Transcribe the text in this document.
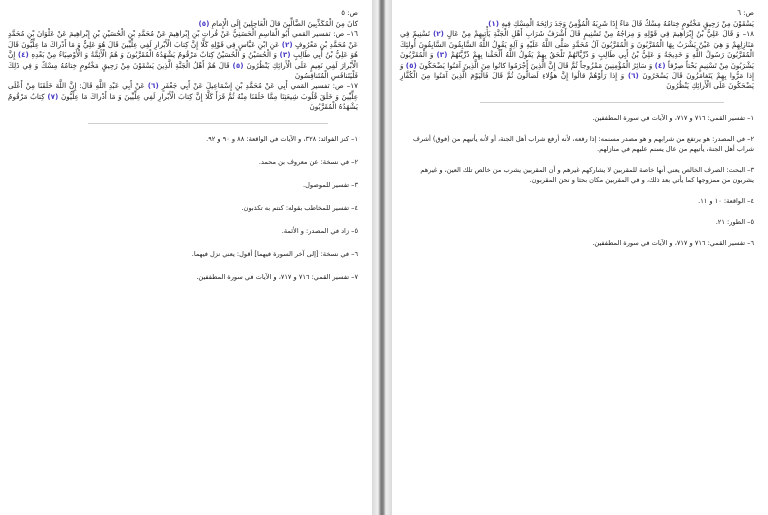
ص: ٥

كانَ مِنَ الْمُكَذِّبِينَ الضَّالِّينَ قالَ الْعَاجِلِينَ إِلَى الْإِمامِ (٥)

١٦– ص: تفسير القمي أَبُو الْقاسِمِ الْحَسَنِيُّ عَنْ فُراتِ بْنِ إِبْراهِيمَ عَنْ مُحَمَّدِ بْنِ الْحُسَيْنِ بْنِ إِبْراهِيمَ عَنْ عَلْوَانَ بْنِ مُحَمَّدٍ عَنْ مُحَمَّدِ بْنِ مَعْرُوفٍ (٢) عَنِ ابْنِ عَبَّاسٍ فِي قَوْلِهِ كَلَّا إِنَّ كِتابَ الْأَبْرارِ لَفِي عِلِّيِّينَ قَالَ هُوَ عَلِيٌّ وَ مَا أَدْراكَ مَا عِلِّيُّونَ قَالَ هُوَ عَلِيُّ بْنُ أَبِي طَالِبٍ (٣) وَ الْحُسَيْنُ وَ الْحُسَيْنُ كِتابٌ مَرْقُومٌ يَشْهَدُهُ الْمُقَرَّبُونَ وَ هُمُ الْأَئِمَّةُ وَ الْأَوْصِيَاءُ مِنْ بَعْدِهِ (٤) إِنَّ الْأَبْرارَ لَفِي نَعِيمٍ عَلَى الْأَرائِكِ يَنْظُرُونَ (٥) قَالَ هُمْ أَهْلُ الْجَنَّةِ الَّذِينَ يَسْقَوْنَ مِنْ رَحِيقٍ مَخْتُومٍ خِتامُهُ مِسْكٌ وَ فِي ذَلِكَ فَلْيَتَنافَسِ الْمُتَنافِسُونَ

١٧– ص: تفسير القمي أَبِي عَنْ مُحَمَّدِ بْنِ إِسْمَاعِيلَ عَنْ أَبِي جَعْفَرٍ (٦) عَنْ أَبِي عَبْدِ اللَّهِ قَالَ: إِنَّ اللَّهَ خَلَقَنَا مِنْ أَعْلَى عِلِّيِّينَ وَ خَلَقَ قُلُوبَ شِيعَتِنَا مِمَّا خَلَقَنَا مِنْهُ ثُمَّ قَرَأَ كَلَّا إِنَّ كِتابَ الْأَبْرارِ لَفِي عِلِّيِّينَ وَ مَا أَدْراكَ مَا عِلِّيُّونَ (٧) كِتابٌ مَرْقُومٌ يَشْهَدُهُ الْمُقَرَّبُونَ

١– كنز الفوائد: ٣٢٨، و الآيات في الواقعة: ٨٨ و ٩٠ و ٩٢.

٢– في نسخة: عن معروف بن محمد.

٣– تفسير للموصول.

٤– تفسير للمخاطب بقوله: كنتم به تكذبون.

٥– زاد في المصدر: و الأئمة.

٦– في نسخة: [إلى آخر السورة فيهما] أقول: يعني نزل فيهما.

٧– تفسير القمي: ٧١٦ و ٧١٧، و الآيات في سورة المطففين.

ص: ٦

يَسْقَوْنَ مِنْ رَحِيقٍ مَخْتُومٍ خِتامُهُ مِسْكٌ قَالَ مَاءٌ إِذَا شَرِبَهُ الْمُؤْمِنُ وَجَدَ رَائِحَةَ الْمِسْكِ فِيهِ (١)

١٨– وَ قَالَ عَلِيُّ بْنُ إِبْرَاهِيمَ فِي قَوْلِهِ وَ مِزاجُهُ مِنْ تَسْنِيمٍ قَالَ أَشْرَفُ شَرَابِ أَهْلِ الْجَنَّةِ يَأْتِيهِمْ مِنْ عَالٍ (٢) تَسْنِيمٌ فِي مَنَازِلِهِمْ وَ هِيَ عَيْنٌ يَشْرَبُ بِهَا الْمُقَرَّبُونَ وَ الْمُقَرَّبُونَ آلُ مُحَمَّدٍ صَلَّى اللَّهُ عَلَيْهِ وَ آلِهِ يَقُولُ اللَّهُ السَّابِقُونَ السَّابِقُونَ أُولئِكَ الْمُقَرَّبُونَ رَسُولُ اللَّهِ وَ خَدِيجَةُ وَ عَلِيُّ بْنُ أَبِي طَالِبٍ وَ ذُرِّيَّاتُهُمْ تَلْحَقُ بِهِمْ يَقُولُ اللَّهُ أَلْحَقْنا بِهِمْ ذُرِّيَّتَهُمْ (٣) وَ الْمُقَرَّبُونَ يَشْرَبُونَ مِنْ تَسْنِيمٍ بَحْتاً صِرْفاً (٤) وَ سَائِرُ الْمُؤْمِنِينَ مَمْزُوجاً ثُمَّ قَالَ إِنَّ الَّذِينَ أَجْرَمُوا كانُوا مِنَ الَّذِينَ آمَنُوا يَضْحَكُونَ (٥) وَ إِذا مَرُّوا بِهِمْ يَتَغامَزُونَ قَالَ يَسْخَرُونَ (٦) وَ إِذا رَأَوْهُمْ قالُوا إِنَّ هؤُلاءِ لَضالُّونَ ثُمَّ قَالَ فَالْيَوْمَ الَّذِينَ آمَنُوا مِنَ الْكُفَّارِ يَضْحَكُونَ عَلَى الْأَرائِكِ يَنْظُرُونَ

١– تفسير القمي: ٧١٦ و ٧١٧، و الآيات في سورة المطففين.

٢– في المصدر: هو يرتفع من شرابهم و هو مصدر مسنمه: إذا رفعه، لأنه أرفع شراب أهل الجنة، أو لأنه يأتيهم من (فوق) أشرف شراب أهل الجنة، يأتيهم من عال يسنم عليهم في منازلهم.

٣– البحت: الصرف الخالص يعني أنها خاصة للمقربين لا يشاركهم غيرهم و أن المقربين يشرب من خالص تلك العين، و غيرهم يشربون من ممزوجها كما يأتي بعد ذلك، و في المقربين مكان بحثا و نحن المقربون.

٤– الواقعة: ١٠ و ١١.

٥– الطور: ٢١.

٦– تفسير القمي: ٧١٦ و ٧١٧، و الآيات في سورة المطففين.
